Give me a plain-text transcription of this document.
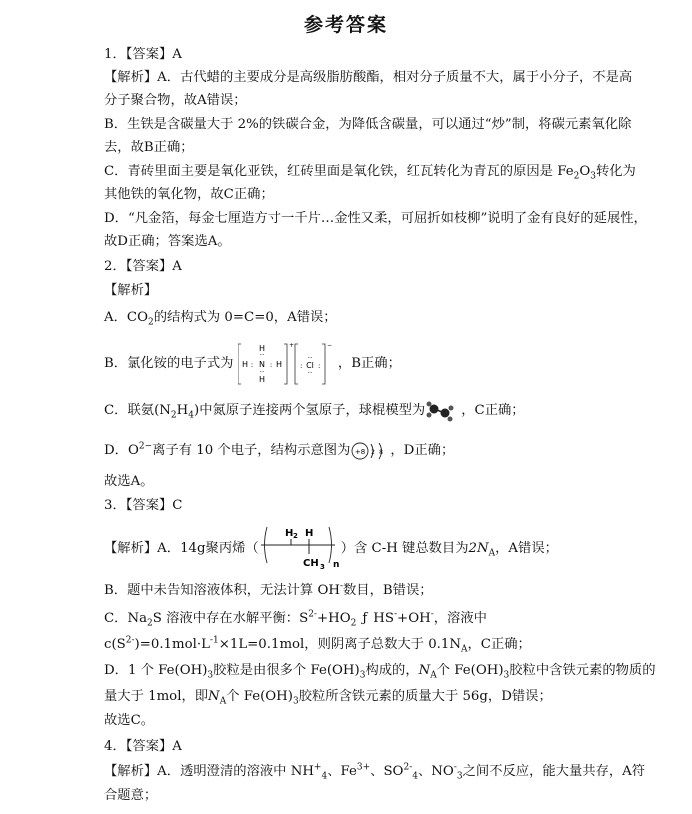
参考答案
1．【答案】A
【解析】A．古代蜡的主要成分是高级脂肪酸酯，相对分子质量不大，属于小分子，不是高
分子聚合物，故A错误；
B．生铁是含碳量大于 2%的铁碳合金，为降低含碳量，可以通过“炒”制，将碳元素氧化除
去，故B正确；
C．青砖里面主要是氧化亚铁，红砖里面是氧化铁，红瓦转化为青瓦的原因是 $Fe_2O_3$转化为
其他铁的氧化物，故C正确；
D．“凡金箔，每金七厘造方寸一千片…金性又柔，可屈折如枝柳”说明了金有良好的延展性，
故D正确；答案选A。
2．【答案】A
【解析】
A．$CO_2$的结构式为 0=C=0，A错误；
B．氯化铵的电子式为
H
··
H : N : H
··
H
+
··
: Cl :
··
−
，B正确；
C．联氨$(N_2H_4)$中氮原子连接两个氢原子，球棍模型为	，C正确；
D．$O^{2-}$离子有 10 个电子，结构示意图为 +8 2 8 ，D正确；
故选A。
3．【答案】C
【解析】A．14g聚丙烯（
H 2 H
CH 3 n
）含 C-H 键总数目为$2N_A$，A错误；
B．题中未告知溶液体积，无法计算 OH-数目，B错误；
C．$Na_2S$ 溶液中存在水解平衡：$S^{2-}+HO_2$ ƒ HS-+OH-，溶液中
$c(S^{2-})=0.1mol\cdot L^{-1}\times 1L=0.1mol$，则阴离子总数大于 $0.1N_A$，C正确；
D．1 个 $Fe(OH)_3$胶粒是由很多个 $Fe(OH)_3$构成的，$N_A$个 $Fe(OH)_3$胶粒中含铁元素的物质的
量大于 1mol，即$N_A$个 $Fe(OH)_3$胶粒所含铁元素的质量大于 56g，D错误；
故选C。
4．【答案】A
【解析】A．透明澄清的溶液中 $NH^+_4$、$Fe^{3+}$、$SO^{2-}_4$、$NO^-_3$之间不反应，能大量共存，A符
合题意；
